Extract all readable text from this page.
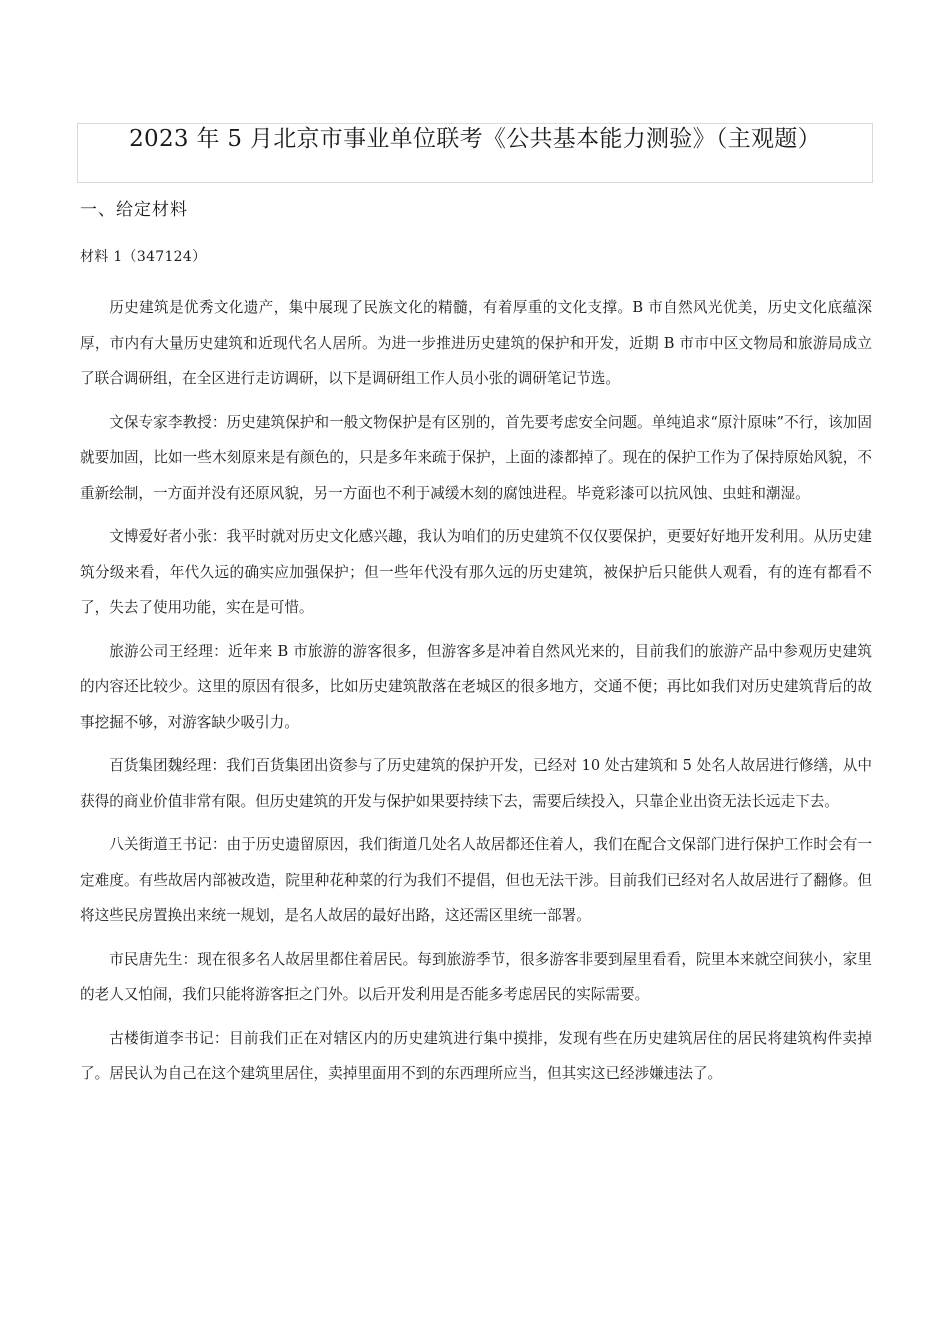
2023 年 5 月北京市事业单位联考《公共基本能力测验》（主观题）
一、给定材料
材料 1（347124）

历史建筑是优秀文化遗产，集中展现了民族文化的精髓，有着厚重的文化支撑。B 市自然风光优美，历史文化底蕴深厚，市内有大量历史建筑和近现代名人居所。为进一步推进历史建筑的保护和开发，近期 B 市市中区文物局和旅游局成立了联合调研组，在全区进行走访调研，以下是调研组工作人员小张的调研笔记节选。

文保专家李教授：历史建筑保护和一般文物保护是有区别的，首先要考虑安全问题。单纯追求“原汁原味”不行，该加固就要加固，比如一些木刻原来是有颜色的，只是多年来疏于保护，上面的漆都掉了。现在的保护工作为了保持原始风貌，不重新绘制，一方面并没有还原风貌，另一方面也不利于减缓木刻的腐蚀进程。毕竟彩漆可以抗风蚀、虫蛀和潮湿。

文博爱好者小张：我平时就对历史文化感兴趣，我认为咱们的历史建筑不仅仅要保护，更要好好地开发利用。从历史建筑分级来看，年代久远的确实应加强保护；但一些年代没有那久远的历史建筑，被保护后只能供人观看，有的连有都看不了，失去了使用功能，实在是可惜。

旅游公司王经理：近年来 B 市旅游的游客很多，但游客多是冲着自然风光来的，目前我们的旅游产品中参观历史建筑的内容还比较少。这里的原因有很多，比如历史建筑散落在老城区的很多地方，交通不便；再比如我们对历史建筑背后的故事挖掘不够，对游客缺少吸引力。

百货集团魏经理：我们百货集团出资参与了历史建筑的保护开发，已经对 10 处古建筑和 5 处名人故居进行修缮，从中获得的商业价值非常有限。但历史建筑的开发与保护如果要持续下去，需要后续投入，只靠企业出资无法长远走下去。

八关街道王书记：由于历史遗留原因，我们街道几处名人故居都还住着人，我们在配合文保部门进行保护工作时会有一定难度。有些故居内部被改造，院里种花种菜的行为我们不提倡，但也无法干涉。目前我们已经对名人故居进行了翻修。但将这些民房置换出来统一规划，是名人故居的最好出路，这还需区里统一部署。

市民唐先生：现在很多名人故居里都住着居民。每到旅游季节，很多游客非要到屋里看看，院里本来就空间狭小，家里的老人又怕闹，我们只能将游客拒之门外。以后开发利用是否能多考虑居民的实际需要。

古楼街道李书记：目前我们正在对辖区内的历史建筑进行集中摸排，发现有些在历史建筑居住的居民将建筑构件卖掉了。居民认为自己在这个建筑里居住，卖掉里面用不到的东西理所应当，但其实这已经涉嫌违法了。
